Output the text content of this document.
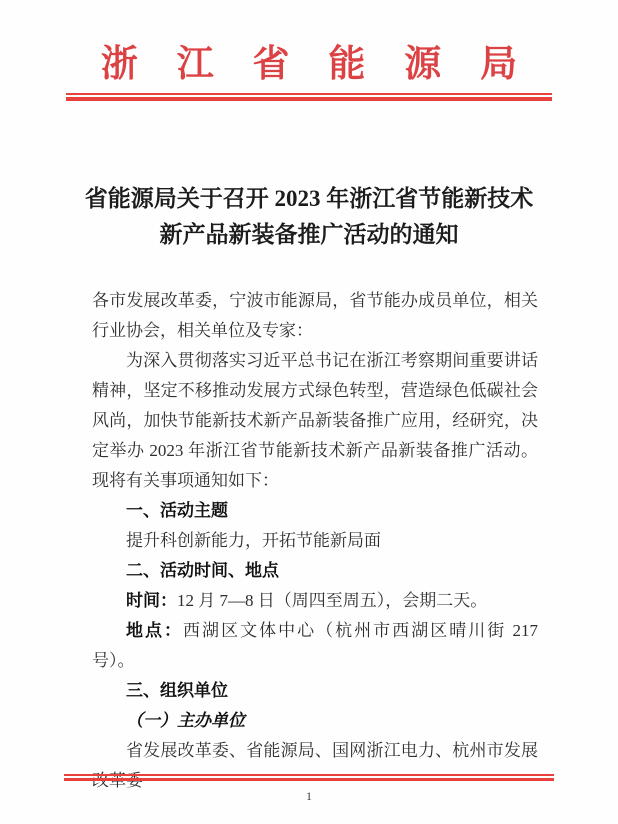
浙江省能源局
省能源局关于召开 2023 年浙江省节能新技术新产品新装备推广活动的通知

各市发展改革委，宁波市能源局，省节能办成员单位，相关行业协会，相关单位及专家：

为深入贯彻落实习近平总书记在浙江考察期间重要讲话精神，坚定不移推动发展方式绿色转型，营造绿色低碳社会风尚，加快节能新技术新产品新装备推广应用，经研究，决定举办 2023 年浙江省节能新技术新产品新装备推广活动。现将有关事项通知如下：

一、活动主题

提升科创新能力，开拓节能新局面

二、活动时间、地点

时间：12 月 7—8 日（周四至周五），会期二天。

地点：西湖区文体中心（杭州市西湖区晴川街 217 号）。

三、组织单位

（一）主办单位

省发展改革委、省能源局、国网浙江电力、杭州市发展改革委

1
